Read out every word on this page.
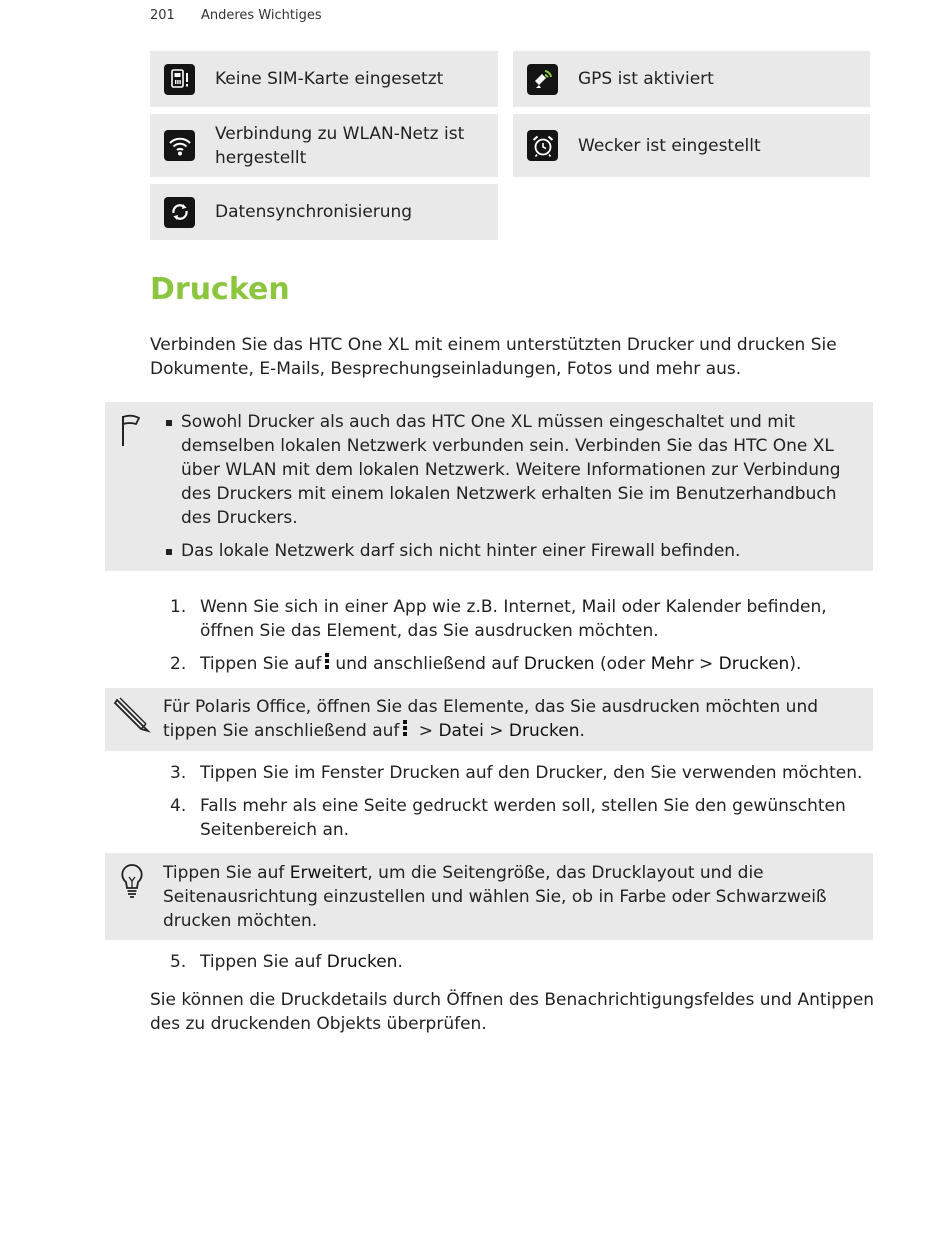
201 Anderes Wichtiges
Keine SIM-Karte eingesetzt	GPS ist aktiviert
Verbindung zu WLAN-Netz ist hergestellt
Wecker ist eingestellt
Datensynchronisierung
Drucken

Verbinden Sie das HTC One XL mit einem unterstützten Drucker und drucken Sie Dokumente, E-Mails, Besprechungseinladungen, Fotos und mehr aus.

Sowohl Drucker als auch das HTC One XL müssen eingeschaltet und mit demselben lokalen Netzwerk verbunden sein. Verbinden Sie das HTC One XL über WLAN mit dem lokalen Netzwerk. Weitere Informationen zur Verbindung des Druckers mit einem lokalen Netzwerk erhalten Sie im Benutzerhandbuch des Druckers.
Das lokale Netzwerk darf sich nicht hinter einer Firewall befinden.
1. Wenn Sie sich in einer App wie z.B. Internet, Mail oder Kalender befinden, öffnen Sie das Element, das Sie ausdrucken möchten.
2. Tippen Sie auf und anschließend auf Drucken (oder Mehr > Drucken).
Für Polaris Office, öffnen Sie das Elemente, das Sie ausdrucken möchten und tippen Sie anschließend auf
> Datei > Drucken.
3. Tippen Sie im Fenster Drucken auf den Drucker, den Sie verwenden möchten.
4. Falls mehr als eine Seite gedruckt werden soll, stellen Sie den gewünschten Seitenbereich an.
Tippen Sie auf Erweitert, um die Seitengröße, das Drucklayout und die Seitenausrichtung einzustellen und wählen Sie, ob in Farbe oder Schwarzweiß drucken möchten.
5. Tippen Sie auf Drucken.

Sie können die Druckdetails durch Öffnen des Benachrichtigungsfeldes und Antippen des zu druckenden Objekts überprüfen.
